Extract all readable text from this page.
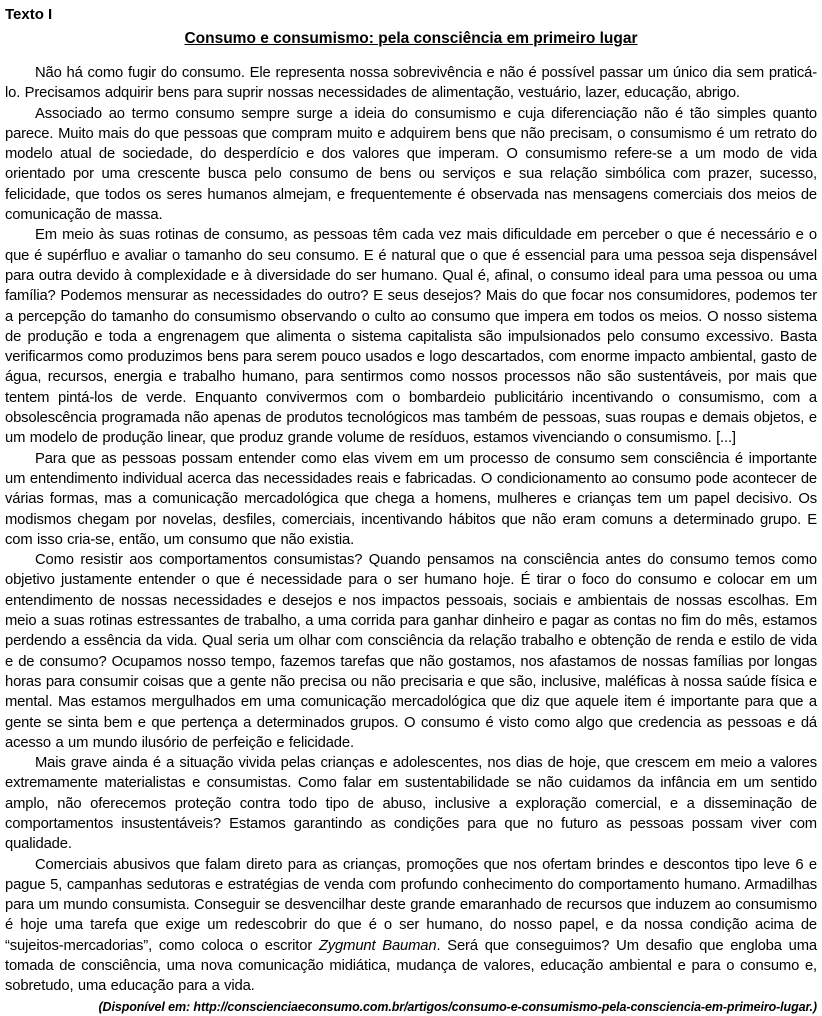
Texto I
Consumo e consumismo: pela consciência em primeiro lugar

Não há como fugir do consumo. Ele representa nossa sobrevivência e não é possível passar um único dia sem praticá-lo. Precisamos adquirir bens para suprir nossas necessidades de alimentação, vestuário, lazer, educação, abrigo.

Associado ao termo consumo sempre surge a ideia do consumismo e cuja diferenciação não é tão simples quanto parece. Muito mais do que pessoas que compram muito e adquirem bens que não precisam, o consumismo é um retrato do modelo atual de sociedade, do desperdício e dos valores que imperam. O consumismo refere-se a um modo de vida orientado por uma crescente busca pelo consumo de bens ou serviços e sua relação simbólica com prazer, sucesso, felicidade, que todos os seres humanos almejam, e frequentemente é observada nas mensagens comerciais dos meios de comunicação de massa.

Em meio às suas rotinas de consumo, as pessoas têm cada vez mais dificuldade em perceber o que é necessário e o que é supérfluo e avaliar o tamanho do seu consumo. E é natural que o que é essencial para uma pessoa seja dispensável para outra devido à complexidade e à diversidade do ser humano. Qual é, afinal, o consumo ideal para uma pessoa ou uma família? Podemos mensurar as necessidades do outro? E seus desejos? Mais do que focar nos consumidores, podemos ter a percepção do tamanho do consumismo observando o culto ao consumo que impera em todos os meios. O nosso sistema de produção e toda a engrenagem que alimenta o sistema capitalista são impulsionados pelo consumo excessivo. Basta verificarmos como produzimos bens para serem pouco usados e logo descartados, com enorme impacto ambiental, gasto de água, recursos, energia e trabalho humano, para sentirmos como nossos processos não são sustentáveis, por mais que tentem pintá-los de verde. Enquanto convivermos com o bombardeio publicitário incentivando o consumismo, com a obsolescência programada não apenas de produtos tecnológicos mas também de pessoas, suas roupas e demais objetos, e um modelo de produção linear, que produz grande volume de resíduos, estamos vivenciando o consumismo. [...]

Para que as pessoas possam entender como elas vivem em um processo de consumo sem consciência é importante um entendimento individual acerca das necessidades reais e fabricadas. O condicionamento ao consumo pode acontecer de várias formas, mas a comunicação mercadológica que chega a homens, mulheres e crianças tem um papel decisivo. Os modismos chegam por novelas, desfiles, comerciais, incentivando hábitos que não eram comuns a determinado grupo. E com isso cria-se, então, um consumo que não existia.

Como resistir aos comportamentos consumistas? Quando pensamos na consciência antes do consumo temos como objetivo justamente entender o que é necessidade para o ser humano hoje. É tirar o foco do consumo e colocar em um entendimento de nossas necessidades e desejos e nos impactos pessoais, sociais e ambientais de nossas escolhas. Em meio a suas rotinas estressantes de trabalho, a uma corrida para ganhar dinheiro e pagar as contas no fim do mês, estamos perdendo a essência da vida. Qual seria um olhar com consciência da relação trabalho e obtenção de renda e estilo de vida e de consumo? Ocupamos nosso tempo, fazemos tarefas que não gostamos, nos afastamos de nossas famílias por longas horas para consumir coisas que a gente não precisa ou não precisaria e que são, inclusive, maléficas à nossa saúde física e mental. Mas estamos mergulhados em uma comunicação mercadológica que diz que aquele item é importante para que a gente se sinta bem e que pertença a determinados grupos. O consumo é visto como algo que credencia as pessoas e dá acesso a um mundo ilusório de perfeição e felicidade.

Mais grave ainda é a situação vivida pelas crianças e adolescentes, nos dias de hoje, que crescem em meio a valores extremamente materialistas e consumistas. Como falar em sustentabilidade se não cuidamos da infância em um sentido amplo, não oferecemos proteção contra todo tipo de abuso, inclusive a exploração comercial, e a disseminação de comportamentos insustentáveis? Estamos garantindo as condições para que no futuro as pessoas possam viver com qualidade.

Comerciais abusivos que falam direto para as crianças, promoções que nos ofertam brindes e descontos tipo leve 6 e pague 5, campanhas sedutoras e estratégias de venda com profundo conhecimento do comportamento humano. Armadilhas para um mundo consumista. Conseguir se desvencilhar deste grande emaranhado de recursos que induzem ao consumismo é hoje uma tarefa que exige um redescobrir do que é o ser humano, do nosso papel, e da nossa condição acima de “sujeitos-mercadorias”, como coloca o escritor Zygmunt Bauman. Será que conseguimos? Um desafio que engloba uma tomada de consciência, uma nova comunicação midiática, mudança de valores, educação ambiental e para o consumo e, sobretudo, uma educação para a vida.

(Disponível em: http://conscienciaeconsumo.com.br/artigos/consumo-e-consumismo-pela-consciencia-em-primeiro-lugar.)
